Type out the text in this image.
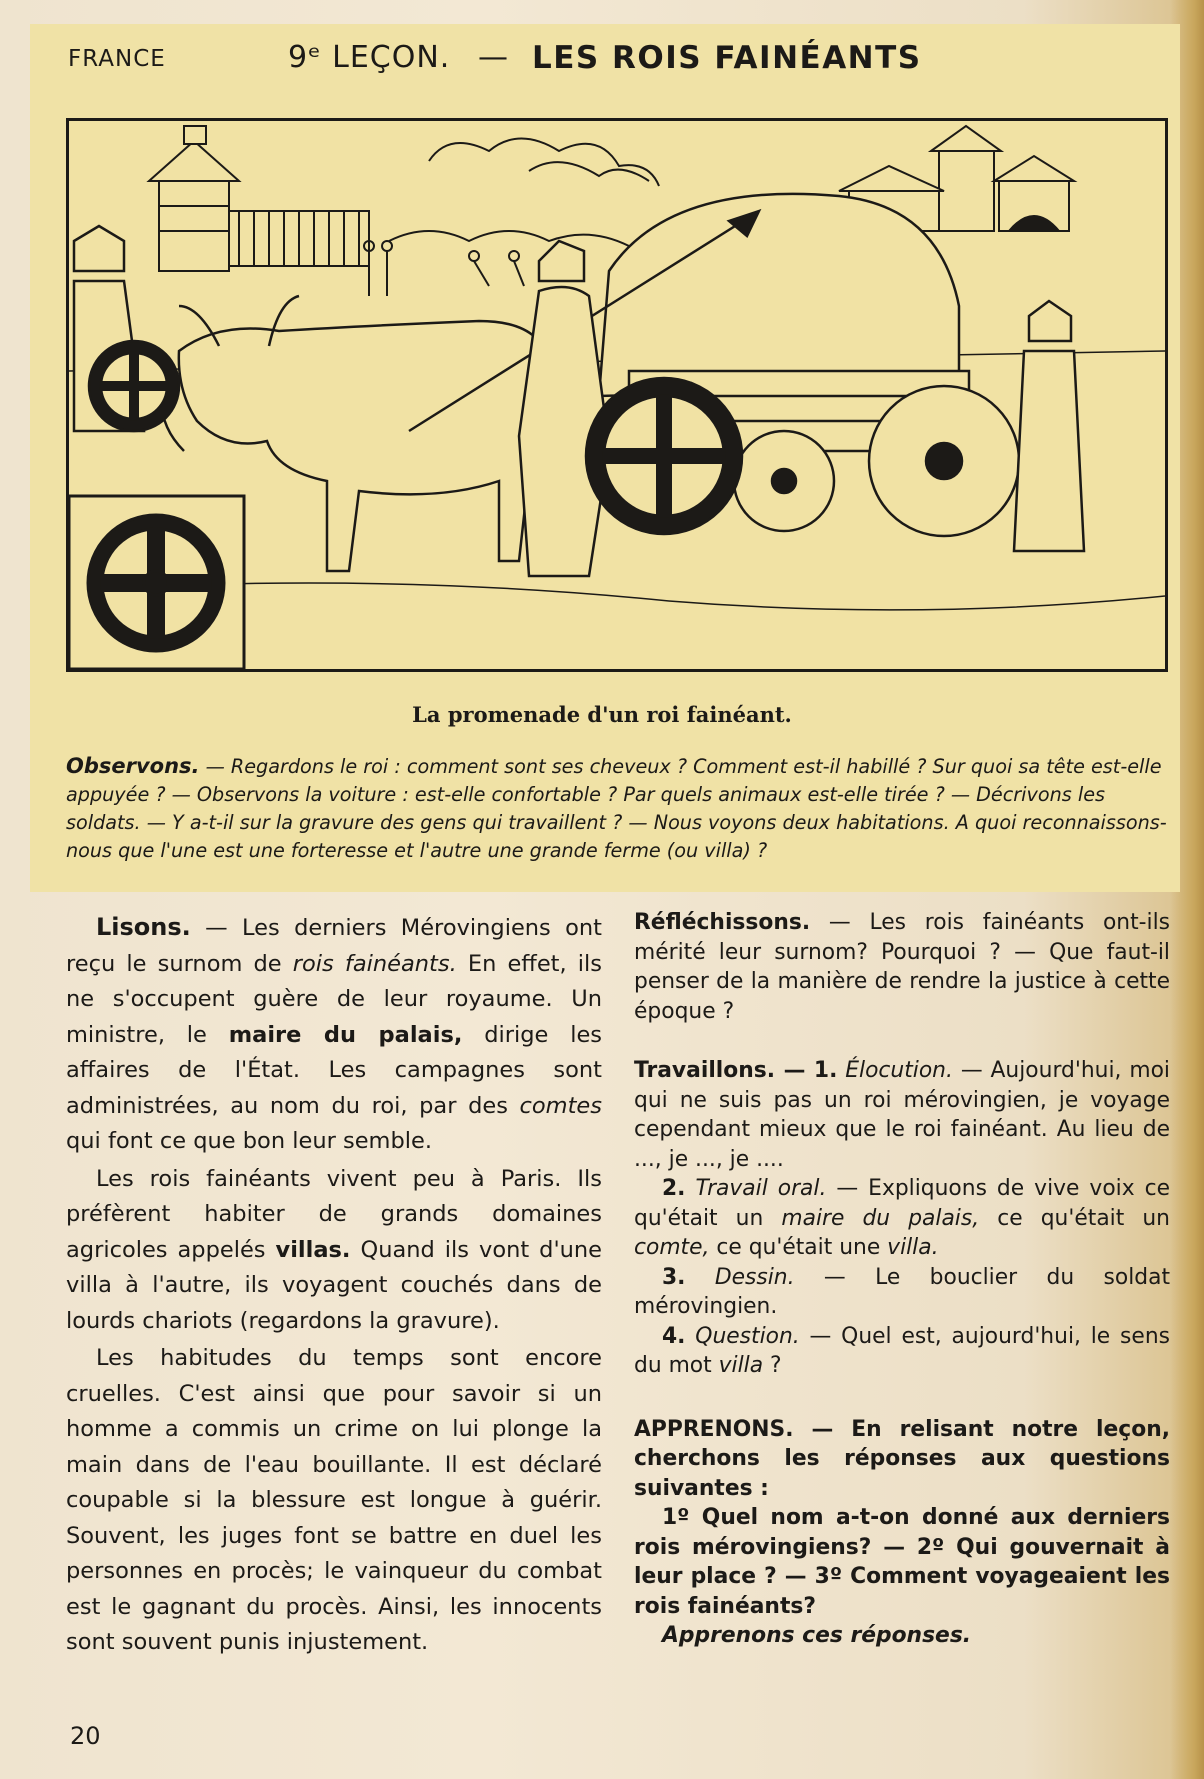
FRANCE	9ᵉ LEÇON. — LES ROIS FAINÉANTS
La promenade d'un roi fainéant.
Observons. — Regardons le roi : comment sont ses cheveux ? Comment est-il habillé ? Sur quoi sa tête est-elle appuyée ? — Observons la voiture : est-elle confortable ? Par quels animaux est-elle tirée ? — Décrivons les soldats. — Y a-t-il sur la gravure des gens qui travaillent ? — Nous voyons deux habitations. A quoi reconnaissons-nous que l'une est une forteresse et l'autre une grande ferme (ou villa) ?

Lisons. — Les derniers Mérovingiens ont reçu le surnom de rois fainéants. En effet, ils ne s'occupent guère de leur royaume. Un ministre, le maire du palais, dirige les affaires de l'État. Les campagnes sont administrées, au nom du roi, par des comtes qui font ce que bon leur semble.

Les rois fainéants vivent peu à Paris. Ils préfèrent habiter de grands domaines agricoles appelés villas. Quand ils vont d'une villa à l'autre, ils voyagent couchés dans de lourds chariots (regardons la gravure).

Les habitudes du temps sont encore cruelles. C'est ainsi que pour savoir si un homme a commis un crime on lui plonge la main dans de l'eau bouillante. Il est déclaré coupable si la blessure est longue à guérir. Souvent, les juges font se battre en duel les personnes en procès; le vainqueur du combat est le gagnant du procès. Ainsi, les innocents sont souvent punis injustement.

Réfléchissons. — Les rois fainéants ont-ils mérité leur surnom? Pourquoi ? — Que faut-il penser de la manière de rendre la justice à cette époque ?

Travaillons. — 1. Élocution. — Aujourd'hui, moi qui ne suis pas un roi mérovingien, je voyage cependant mieux que le roi fainéant. Au lieu de ..., je ..., je ....

2. Travail oral. — Expliquons de vive voix ce qu'était un maire du palais, ce qu'était un comte, ce qu'était une villa.

3. Dessin. — Le bouclier du soldat mérovingien.

4. Question. — Quel est, aujourd'hui, le sens du mot villa ?

APPRENONS. — En relisant notre leçon, cherchons les réponses aux questions suivantes :

1º Quel nom a-t-on donné aux derniers rois mérovingiens? — 2º Qui gouvernait à leur place ? — 3º Comment voyageaient les rois fainéants?

Apprenons ces réponses.

20
